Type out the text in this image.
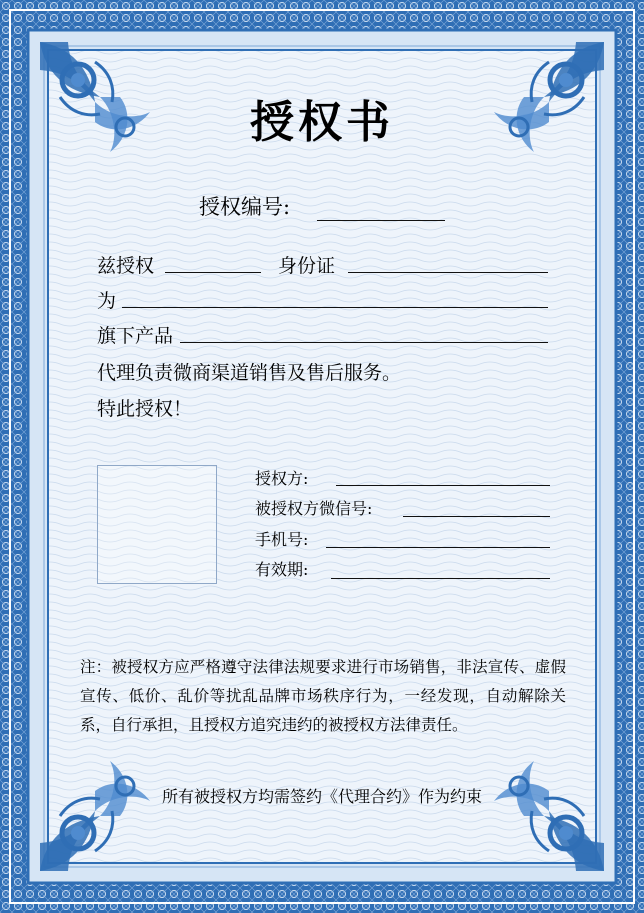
授权书
授权编号:
兹授权	身份证
为
旗下产品
代理负责微商渠道销售及售后服务。
特此授权！
授权方:
被授权方微信号:
手机号:
有效期:
注：被授权方应严格遵守法律法规要求进行市场销售，非法宣传、虚假宣传、低价、乱价等扰乱品牌市场秩序行为，一经发现，自动解除关系，自行承担，且授权方追究违约的被授权方法律责任。
所有被授权方均需签约《代理合约》作为约束
